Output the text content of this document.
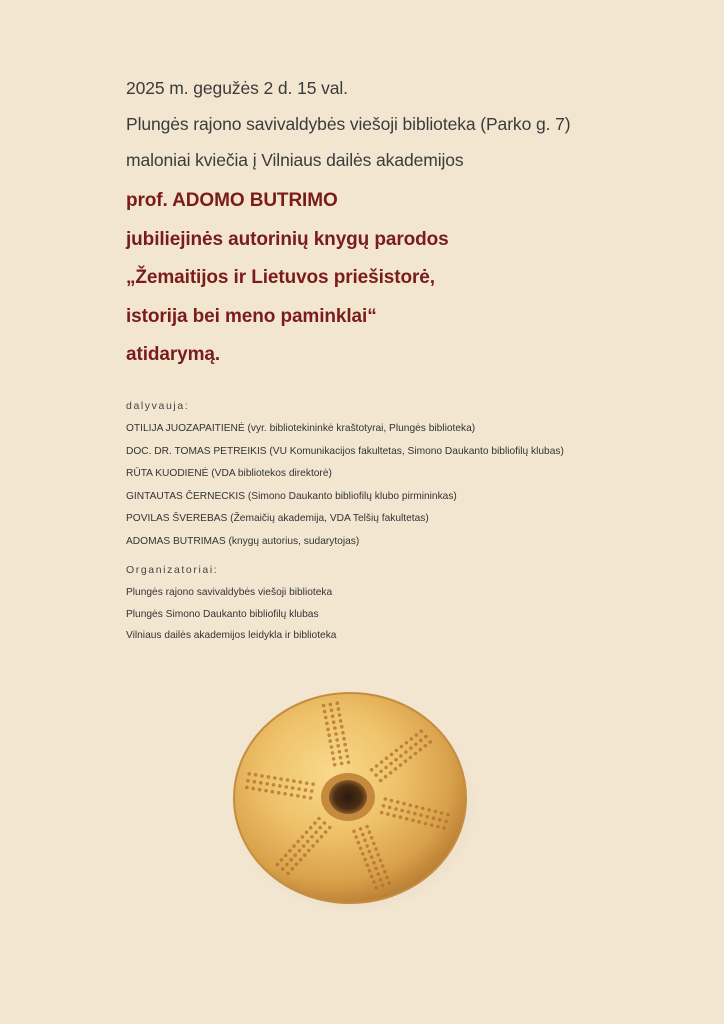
2025 m. gegužės 2 d. 15 val.
Plungės rajono savivaldybės viešoji biblioteka (Parko g. 7)
maloniai kviečia į Vilniaus dailės akademijos
prof. ADOMO BUTRIMO
jubiliejinės autorinių knygų parodos
„Žemaitijos ir Lietuvos priešistorė,
istorija bei meno paminklai“
atidarymą.
dalyvauja:
OTILIJA JUOZAPAITIENĖ (vyr. bibliotekininkė kraštotyrai, Plungės biblioteka)
DOC. DR. TOMAS PETREIKIS (VU Komunikacijos fakultetas, Simono Daukanto bibliofilų klubas)
RŪTA KUODIENĖ (VDA bibliotekos direktorė)
GINTAUTAS ČERNECKIS (Simono Daukanto bibliofilų klubo pirmininkas)
POVILAS ŠVEREBAS (Žemaičių akademija, VDA Telšių fakultetas)
ADOMAS BUTRIMAS (knygų autorius, sudarytojas)
Organizatoriai:
Plungės rajono savivaldybės viešoji biblioteka
Plungės Simono Daukanto bibliofilų klubas
Vilniaus dailės akademijos leidykla ir biblioteka
